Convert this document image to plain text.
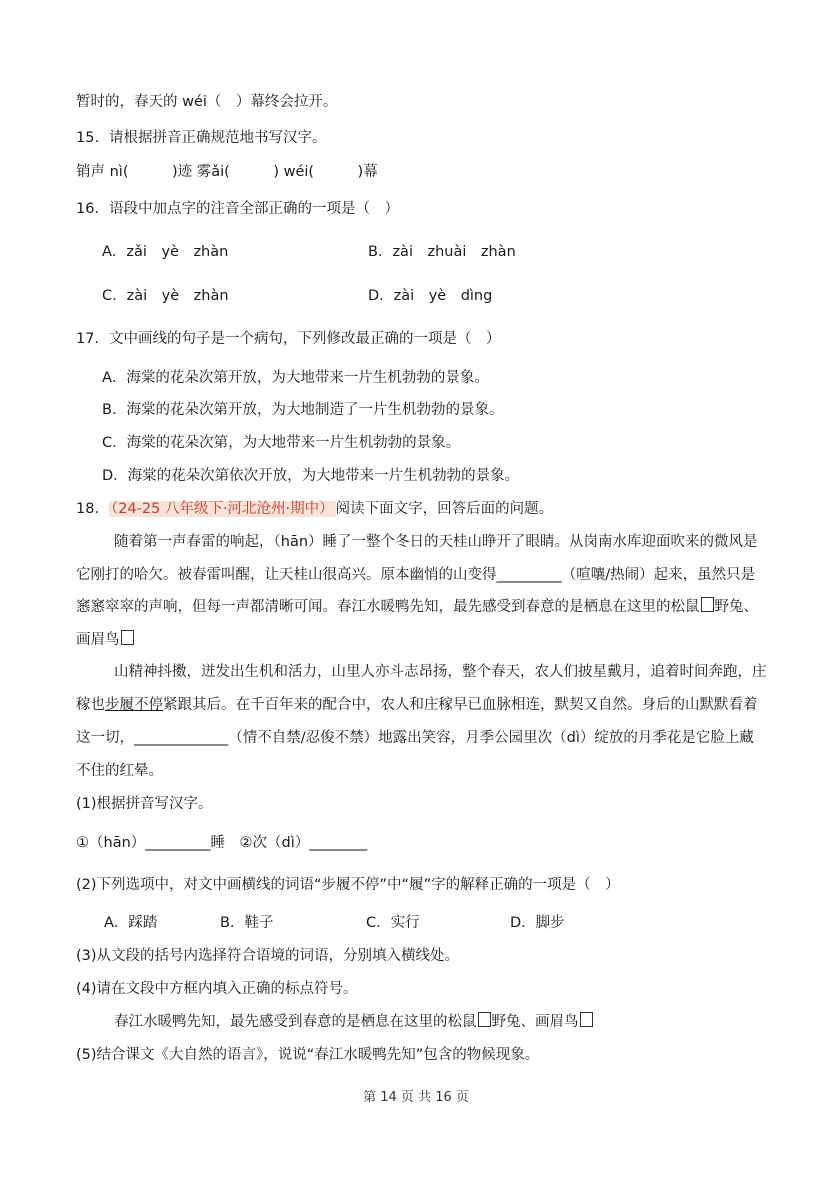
暂时的，春天的 wéi（　）幕终会拉开。
15．请根据拼音正确规范地书写汉字。
销声 nì(　　　)迹 雾ǎi(　　　) wéi(　　　)幕
16．语段中加点字的注音全部正确的一项是（　）
A．zǎi　yè　zhàn	B．zài　zhuài　zhàn
C．zài　yè　zhàn	D．zài　yè　dìng
17．文中画线的句子是一个病句，下列修改最正确的一项是（　）
A．海棠的花朵次第开放，为大地带来一片生机勃勃的景象。
B．海棠的花朵次第开放，为大地制造了一片生机勃勃的景象。
C．海棠的花朵次第，为大地带来一片生机勃勃的景象。
D．海棠的花朵次第依次开放，为大地带来一片生机勃勃的景象。
18． （24-25 八年级下·河北沧州·期中） 阅读下面文字，回答后面的问题。
随着第一声春雷的响起，（hān）睡了一整个冬日的天桂山睁开了眼睛。从岗南水库迎面吹来的微风是
它刚打的哈欠。被春雷叫醒，让天桂山很高兴。原本幽悄的山变得_________（喧嚷/热闹）起来，虽然只是
窸窸窣窣的声响，但每一声都清晰可闻。春江水暖鸭先知，最先感受到春意的是栖息在这里的松鼠 野兔、
画眉鸟
山精神抖擞，迸发出生机和活力，山里人亦斗志昂扬，整个春天，农人们披星戴月，追着时间奔跑，庄
稼也步履不停紧跟其后。在千百年来的配合中，农人和庄稼早已血脉相连，默契又自然。身后的山默默看着
这一切，_____________（情不自禁/忍俊不禁）地露出笑容，月季公园里次（dì）绽放的月季花是它脸上藏
不住的红晕。
(1)根据拼音写汉字。
①（hān）_________睡　②次（dì）________
(2)下列选项中，对文中画横线的词语“步履不停”中“履”字的解释正确的一项是（　）
A．踩踏	B．鞋子	C．实行	D．脚步
(3)从文段的括号内选择符合语境的词语，分别填入横线处。
(4)请在文段中方框内填入正确的标点符号。
春江水暖鸭先知，最先感受到春意的是栖息在这里的松鼠 野兔、画眉鸟
(5)结合课文《大自然的语言》，说说“春江水暖鸭先知”包含的物候现象。
第 14 页 共 16 页
